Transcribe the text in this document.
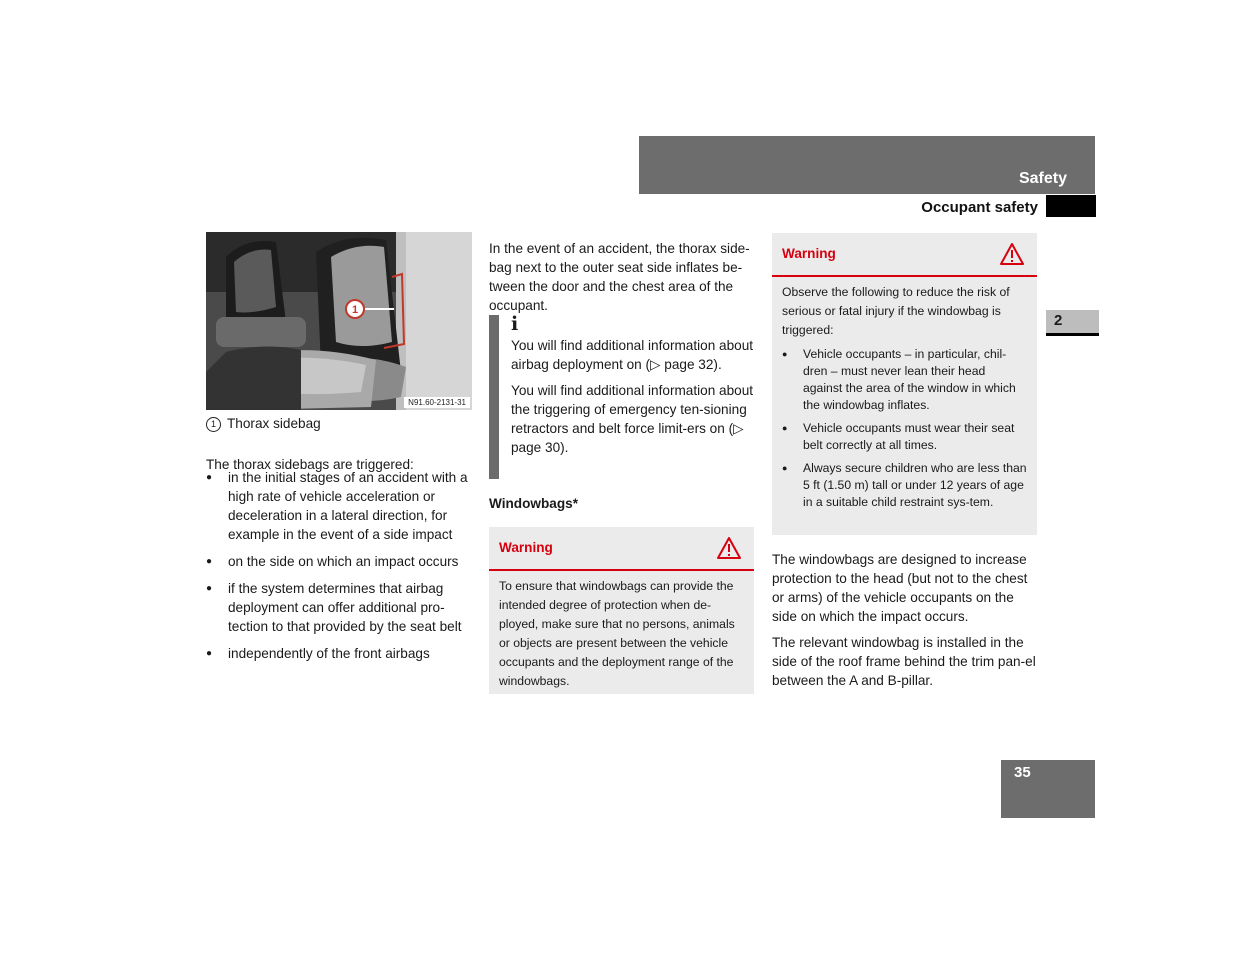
Safety
Occupant safety
2
1
N91.60-2131-31
1 Thorax sidebag

The thorax sidebags are triggered:

● in the initial stages of an accident with a high rate of vehicle acceleration or deceleration in a lateral direction, for example in the event of a side impact
● on the side on which an impact occurs
● if the system determines that airbag deployment can offer additional pro-tection to that provided by the seat belt
● independently of the front airbags

In the event of an accident, the thorax side-bag next to the outer seat side inflates be-tween the door and the chest area of the occupant.

i

You will find additional information about airbag deployment on (▷ page 32).

You will find additional information about the triggering of emergency ten-sioning retractors and belt force limit-ers on (▷ page 30).

Windowbags*
Warning
To ensure that windowbags can provide the intended degree of protection when de-ployed, make sure that no persons, animals or objects are present between the vehicle occupants and the deployment range of the windowbags.
Warning
Observe the following to reduce the risk of serious or fatal injury if the windowbag is triggered:
● Vehicle occupants – in particular, chil-dren – must never lean their head against the area of the window in which the windowbag inflates.
● Vehicle occupants must wear their seat belt correctly at all times.
● Always secure children who are less than 5 ft (1.50 m) tall or under 12 years of age in a suitable child restraint sys-tem.

The windowbags are designed to increase protection to the head (but not to the chest or arms) of the vehicle occupants on the side on which the impact occurs.

The relevant windowbag is installed in the side of the roof frame behind the trim pan-el between the A and B-pillar.

35
